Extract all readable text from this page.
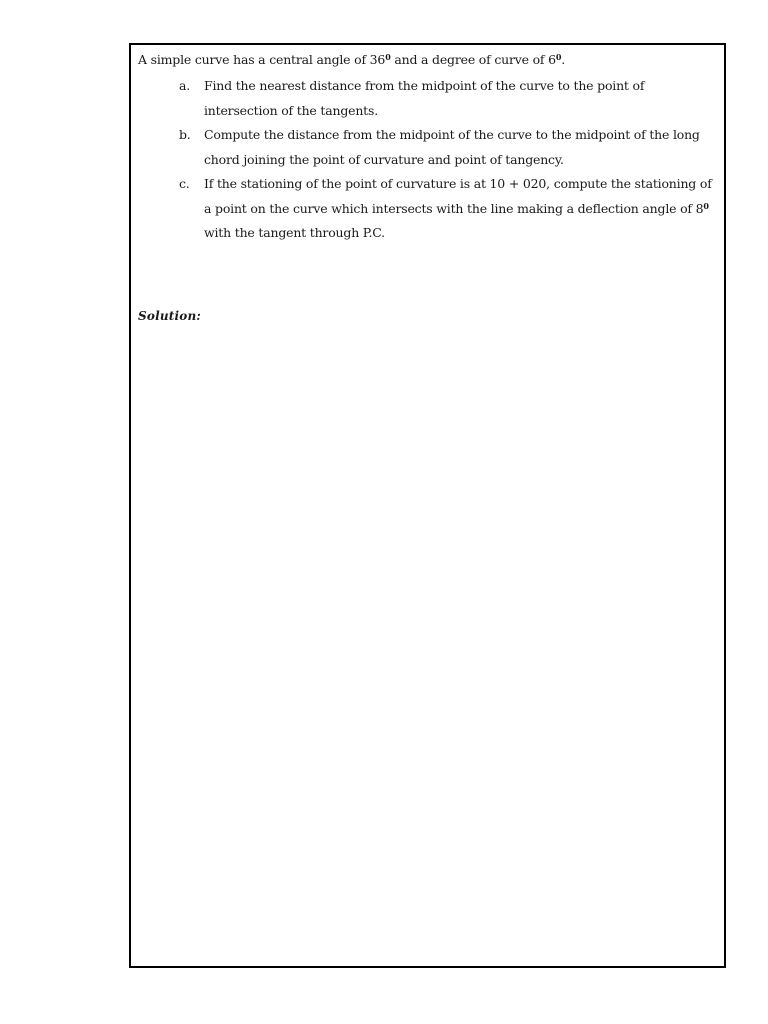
A simple curve has a central angle of $36^0$ and a degree of curve of $6^0$.
a. Find the nearest distance from the midpoint of the curve to the point of intersection of the tangents.
b. Compute the distance from the midpoint of the curve to the midpoint of the long chord joining the point of curvature and point of tangency.
c. If the stationing of the point of curvature is at 10 + 020, compute the stationing of a point on the curve which intersects with the line making a deflection angle of $8^0$ with the tangent through P.C.
Solution:
